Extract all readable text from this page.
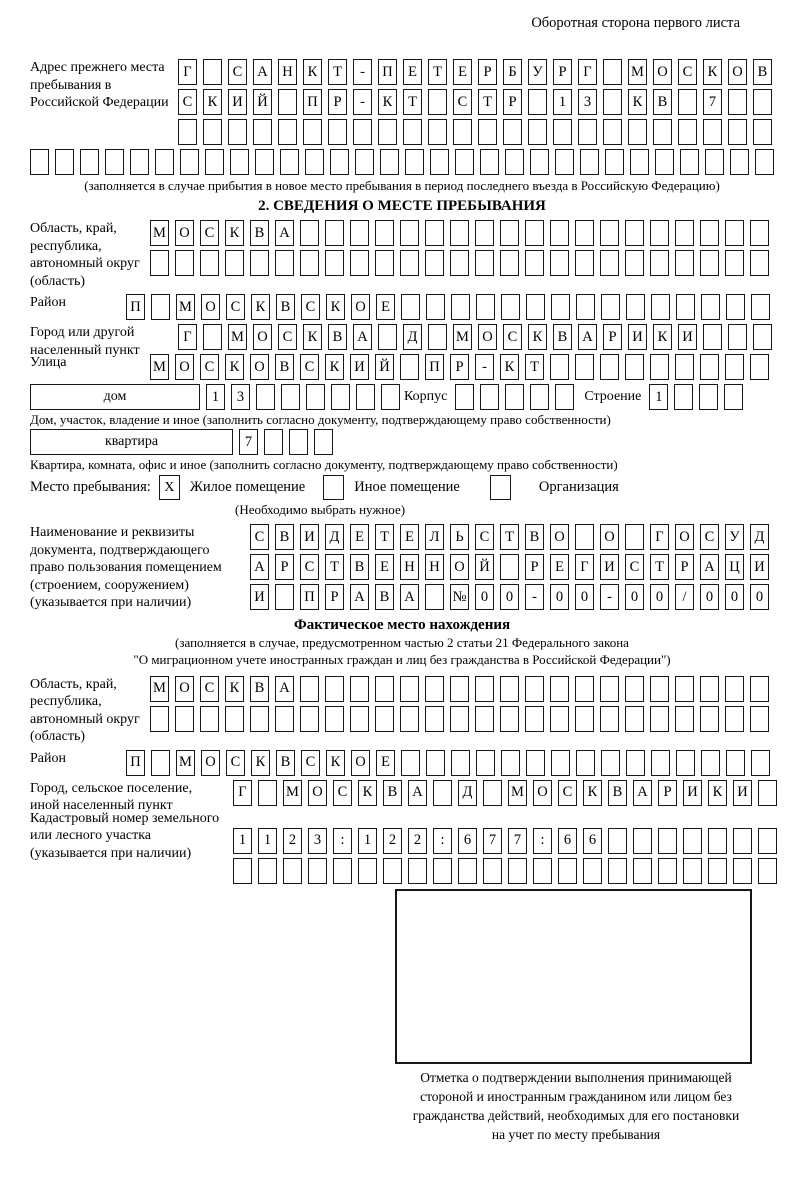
Оборотная сторона первого листа
Адрес прежнего места пребывания в Российской Федерации
Г	С	А Н	К	Т	-	П	Е	Т	Е	Р	Б	У	Р	Г	М О	С	К	О	В
С	К	И Й	П	Р	-	К	Т	С	Т	Р	1	3	К	В	7
(заполняется в случае прибытия в новое место пребывания в период последнего въезда в Российскую Федерацию)
2. СВЕДЕНИЯ О МЕСТЕ ПРЕБЫВАНИЯ
Область, край, республика, автономный округ (область)
М О	С	К	В	А
Район	П	М О	С	К	В	С	К	О	Е
Город или другой населенный пункт
Г	М О	С	К	В	А	Д	М О	С	К	В	А	Р	И	К	И
Улица	М О	С	К	О	В	С	К	И Й	П	Р	-	К	Т
дом	1	3	Корпус	Строение 1
Дом, участок, владение и иное (заполнить согласно документу, подтверждающему право собственности)
квартира	7
Квартира, комната, офис и иное (заполнить согласно документу, подтверждающему право собственности)
Место пребывания: X	Жилое помещение	Иное помещение	Организация
(Необходимо выбрать нужное)
Наименование и реквизиты документа, подтверждающего право пользования помещением (строением, сооружением) (указывается при наличии)
С	В	И	Д	Е	Т	Е	Л	Ь	С	Т	В	О	О	Г	О	С	У	Д
А	Р	С	Т	В	Е	Н Н О Й	Р	Е	Г	И	С	Т	Р	А Ц И
И	П	Р	А	В	А	№ 0	0	-	0	0	-	0	0	/	0	0	0
Фактическое место нахождения
(заполняется в случае, предусмотренном частью 2 статьи 21 Федерального закона
"О миграционном учете иностранных граждан и лиц без гражданства в Российской Федерации")
Область, край, республика, автономный округ (область)
М О	С	К	В	А
Район	П	М О	С	К	В	С	К	О	Е
Город, сельское поселение, иной населенный пункт
Г	М О	С	К	В	А	Д	М О	С	К	В	А	Р	И	К	И
Кадастровый номер земельного или лесного участка (указывается при наличии)
1	1	2	3	:	1	2	2	:	6	7	7	:	6	6
Отметка о подтверждении выполнения принимающей
стороной и иностранным гражданином или лицом без
гражданства действий, необходимых для его постановки
на учет по месту пребывания
